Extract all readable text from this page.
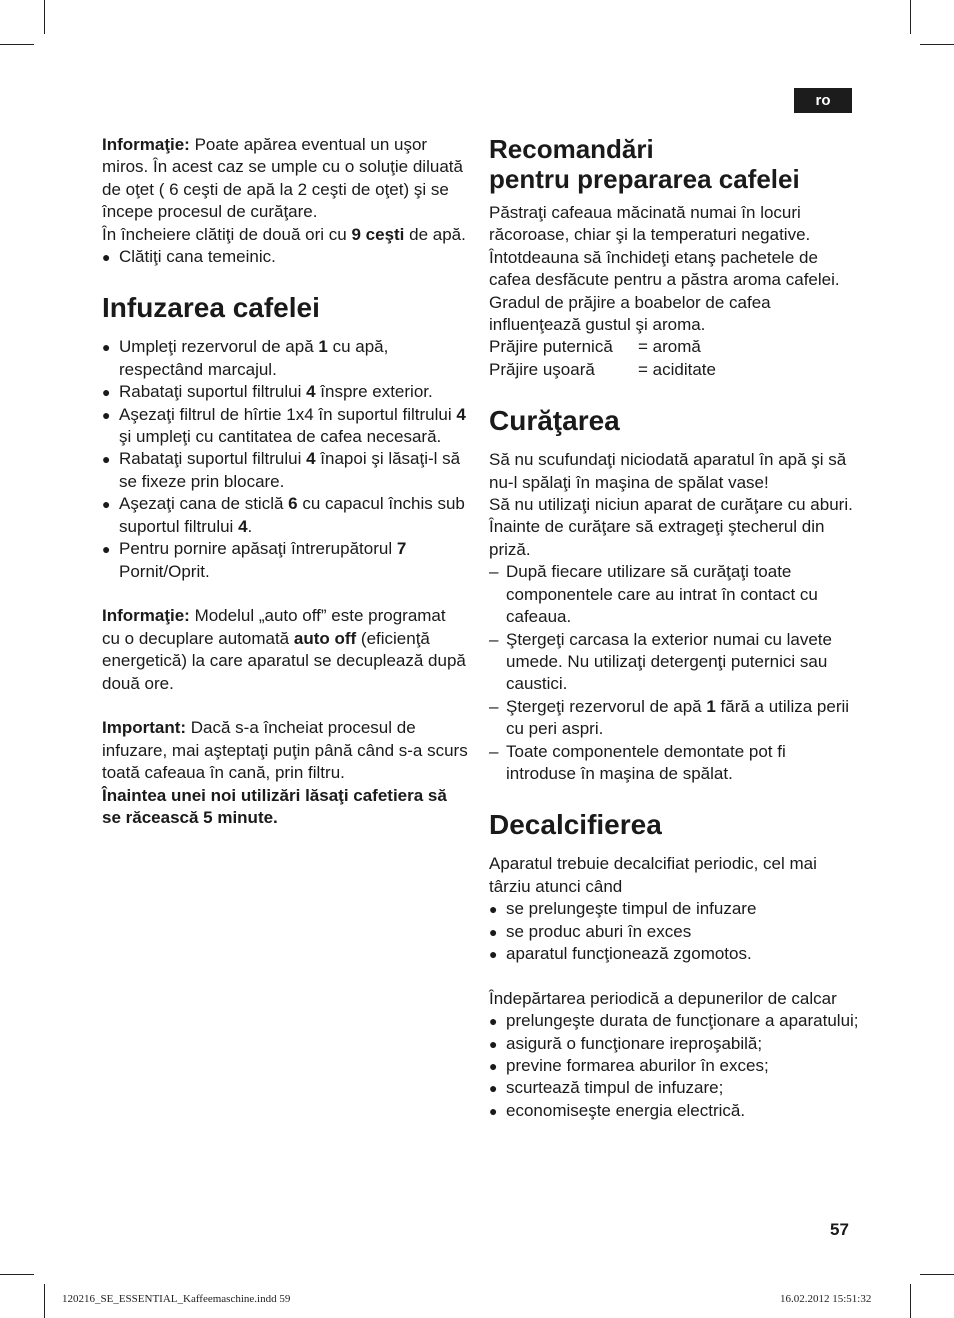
ro

Informaţie: Poate apărea eventual un uşor miros. În acest caz se umple cu o soluţie diluată de oţet ( 6 ceşti de apă la 2 ceşti de oţet) şi se începe procesul de curăţare.

În încheiere clătiţi de două ori cu 9 ceşti de apă.

● Clătiţi cana temeinic.
Infuzarea cafelei
● Umpleţi rezervorul de apă 1 cu apă, respectând marcajul.
● Rabataţi suportul filtrului 4 înspre exterior.
● Aşezaţi filtrul de hîrtie 1x4 în suportul filtrului 4 şi umpleţi cu cantitatea de cafea necesară.
● Rabataţi suportul filtrului 4 înapoi şi lăsaţi-l să se fixeze prin blocare.
● Aşezaţi cana de sticlă 6 cu capacul închis sub suportul filtrului 4.
● Pentru pornire apăsaţi întrerupătorul 7 Pornit/Oprit.

Informaţie: Modelul „auto off” este programat cu o decuplare automată auto off (eficienţă energetică) la care aparatul se decuplează după două ore.

Important: Dacă s-a încheiat procesul de infuzare, mai aşteptaţi puţin până când s-a scurs toată cafeaua în cană, prin filtru.

Înaintea unei noi utilizări lăsaţi cafetiera să se răcească 5 minute.

Recomandări
pentru prepararea cafelei

Păstraţi cafeaua măcinată numai în locuri răcoroase, chiar şi la temperaturi negative.

Întotdeauna să închideţi etanş pachetele de cafea desfăcute pentru a păstra aroma cafelei.

Gradul de prăjire a boabelor de cafea influenţează gustul şi aroma.

Prăjire puternică	= aromă
Prăjire uşoară	= aciditate
Curăţarea

Să nu scufundaţi niciodată aparatul în apă şi să nu-l spălaţi în maşina de spălat vase!

Să nu utilizaţi niciun aparat de curăţare cu aburi.

Înainte de curăţare să extrageţi ştecherul din priză.

– După fiecare utilizare să curăţaţi toate componentele care au intrat în contact cu cafeaua.
– Ştergeţi carcasa la exterior numai cu lavete umede. Nu utilizaţi detergenţi puternici sau caustici.
– Ştergeţi rezervorul de apă 1 fără a utiliza perii cu peri aspri.
– Toate componentele demontate pot fi introduse în maşina de spălat.
Decalcifierea

Aparatul trebuie decalcifiat periodic, cel mai târziu atunci când

● se prelungeşte timpul de infuzare
● se produc aburi în exces
● aparatul funcţionează zgomotos.

Îndepărtarea periodică a depunerilor de calcar

● prelungeşte durata de funcţionare a aparatului;
● asigură o funcţionare ireproşabilă;
● previne formarea aburilor în exces;
● scurtează timpul de infuzare;
● economiseşte energia electrică.
57
120216_SE_ESSENTIAL_Kaffeemaschine.indd 59	16.02.2012 15:51:32
